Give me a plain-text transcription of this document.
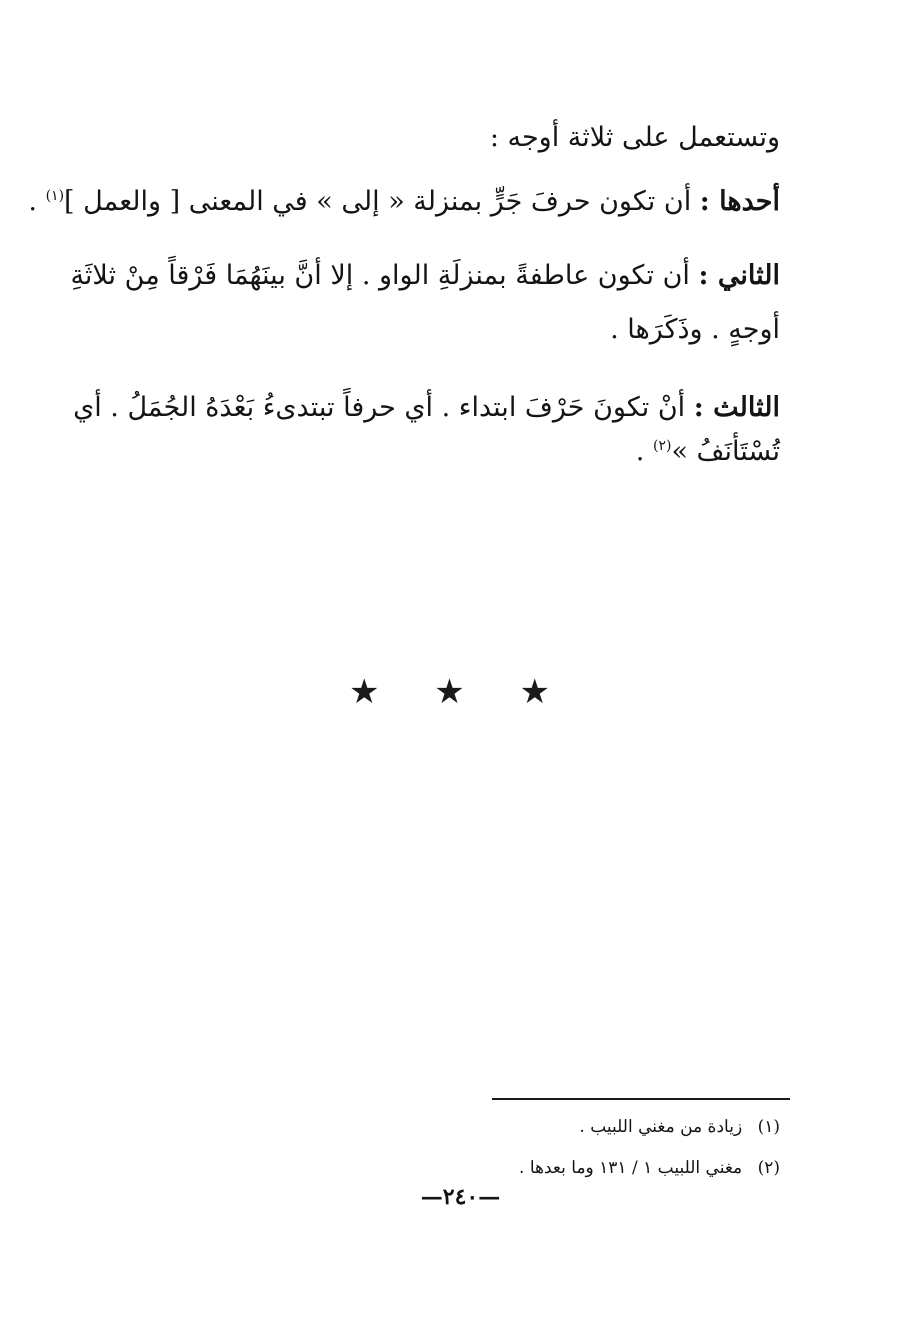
وتستعمل على ثلاثة أوجه :
أحدها : أن تكون حرفَ جَرٍّ بمنزلة « إلى » في المعنى [ والعمل ]$^{(١)}$ .
الثاني : أن تكون عاطفةً بمنزلَةِ الواو . إلا أنَّ بينَهُمَا فَرْقاً مِنْ ثلاثَةِ
أوجهٍ . وذَكَرَها .
الثالث : أنْ تكونَ حَرْفَ ابتداء . أي حرفاً تبتدىءُ بَعْدَهُ الجُمَلُ . أي
تُسْتَأنَفُ »$^{(٢)}$ .
★ ★ ★
(١) زيادة من مغني اللبيب .
(٢) مغني اللبيب ١ / ١٣١ وما بعدها .
—٢٤٠—
